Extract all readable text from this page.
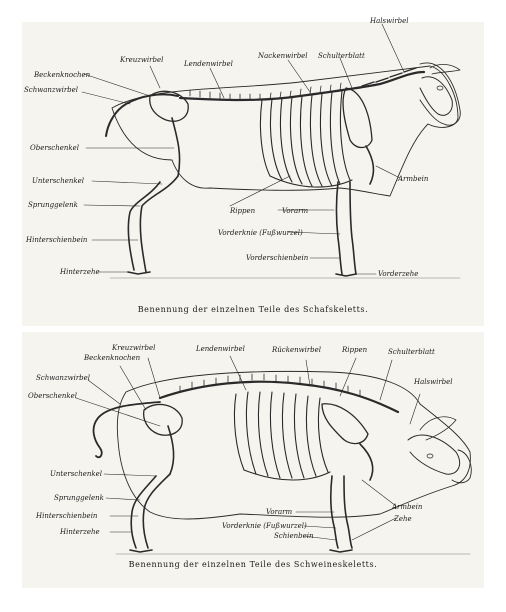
Kreuzwirbel	Lendenwirbel
Nackenwirbel Schulterblatt
Halswirbel
Beckenknochen
Schwanzwirbel
Oberschenkel
Unterschenkel
Sprunggelenk
Hinterschienbein
Hinterzehe
Armbein
Rippen	Vorarm
Vorderknie (Fußwurzel)
Vorderschienbein
Vorderzehe
Benennung der einzelnen Teile des Schafskeletts.
Kreuzwirbel
Beckenknochen
Lendenwirbel	Rückenwirbel	Rippen	Schulterblatt
Schwanzwirbel	Halswirbel
Oberschenkel
Unterschenkel
Sprunggelenk
Hinterschienbein
Hinterzehe
Armbein
Zehe
Vorarm
Vorderknie (Fußwurzel)
Schienbein
Benennung der einzelnen Teile des Schweineskeletts.
